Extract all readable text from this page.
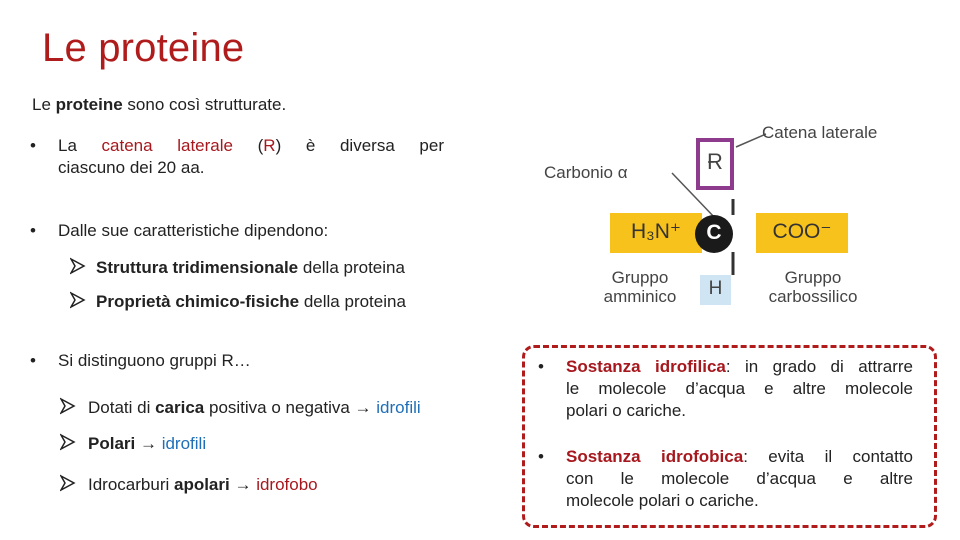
Le proteine
Le proteine sono così strutturate.
• La catena laterale (R) è diversa per
ciascuno dei 20 aa.
• Dalle sue caratteristiche dipendono:
Struttura tridimensionale della proteina
Proprietà chimico-fisiche della proteina
• Si distinguono gruppi R…
Dotati di carica positiva o negativa → idrofili
Polari → idrofili
Idrocarburi apolari → idrofobo
• Sostanza idrofilica: in grado di attrarre
le molecole d’acqua e altre molecole
polari o cariche.
• Sostanza idrofobica: evita il contatto
con le molecole d’acqua e altre
molecole polari o cariche.
R
Catena laterale
Carbonio α
H₃N⁺	C	COO⁻
H
Gruppo
amminico
Gruppo
carbossilico
